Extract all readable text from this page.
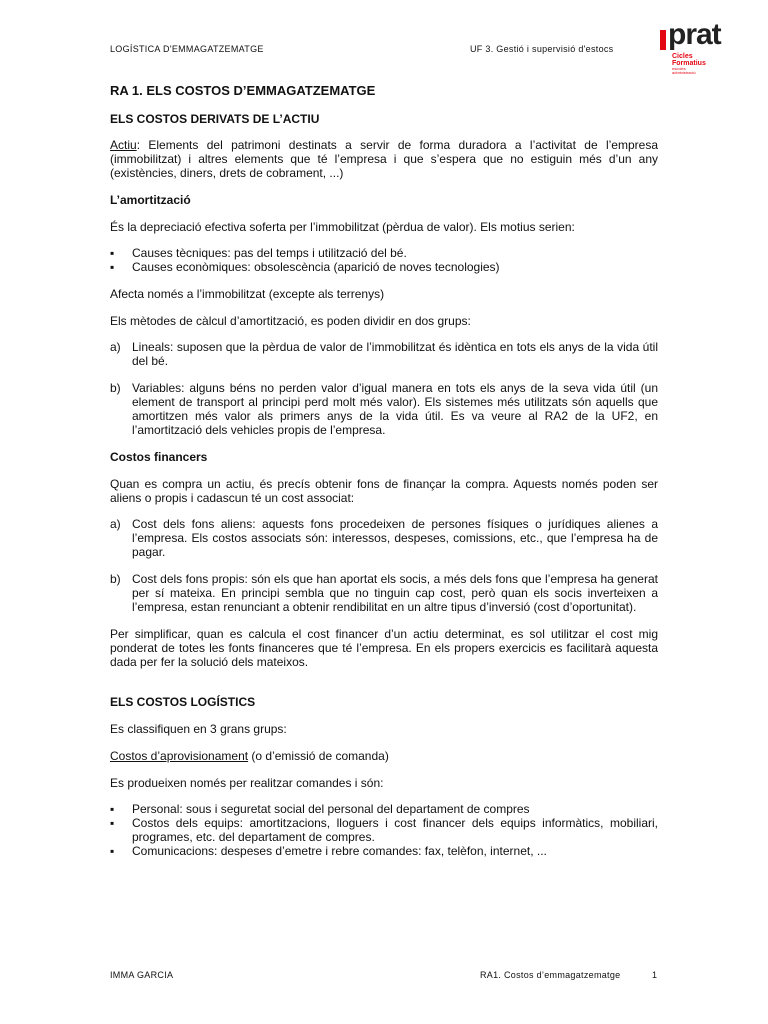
LOGÍSTICA D'EMMAGATZEMATGE	UF 3. Gestió i supervisió d'estocs prat
Cicles
Formatius
escoles
administració

RA 1. ELS COSTOS D’EMMAGATZEMATGE

ELS COSTOS DERIVATS DE L’ACTIU

Actiu: Elements del patrimoni destinats a servir de forma duradora a l’activitat de l’empresa (immobilitzat) i altres elements que té l’empresa i que s’espera que no estiguin més d’un any (existències, diners, drets de cobrament, ...)

L’amortització

És la depreciació efectiva soferta per l’immobilitzat (pèrdua de valor). Els motius serien:

▪ Causes tècniques: pas del temps i utilització del bé.
▪ Causes econòmiques: obsolescència (aparició de noves tecnologies)

Afecta només a l’immobilitzat (excepte als terrenys)

Els mètodes de càlcul d’amortització, es poden dividir en dos grups:

a) Lineals: suposen que la pèrdua de valor de l’immobilitzat és idèntica en tots els anys de la vida útil del bé.
b) Variables: alguns béns no perden valor d’igual manera en tots els anys de la seva vida útil (un element de transport al principi perd molt més valor). Els sistemes més utilitzats són aquells que amortitzen més valor als primers anys de la vida útil. Es va veure al RA2 de la UF2, en l’amortització dels vehicles propis de l’empresa.

Costos financers

Quan es compra un actiu, és precís obtenir fons de finançar la compra. Aquests només poden ser aliens o propis i cadascun té un cost associat:

a) Cost dels fons aliens: aquests fons procedeixen de persones físiques o jurídiques alienes a l’empresa. Els costos associats són: interessos, despeses, comissions, etc., que l’empresa ha de pagar.
b) Cost dels fons propis: són els que han aportat els socis, a més dels fons que l’empresa ha generat per sí mateixa. En principi sembla que no tinguin cap cost, però quan els socis inverteixen a l’empresa, estan renunciant a obtenir rendibilitat en un altre tipus d’inversió (cost d’oportunitat).

Per simplificar, quan es calcula el cost financer d’un actiu determinat, es sol utilitzar el cost mig ponderat de totes les fonts financeres que té l’empresa. En els propers exercicis es facilitarà aquesta dada per fer la solució dels mateixos.

ELS COSTOS LOGÍSTICS

Es classifiquen en 3 grans grups:

Costos d’aprovisionament (o d’emissió de comanda)

Es produeixen només per realitzar comandes i són:

▪ Personal: sous i seguretat social del personal del departament de compres
▪ Costos dels equips: amortitzacions, lloguers i cost financer dels equips informàtics, mobiliari, programes, etc. del departament de compres.
▪ Comunicacions: despeses d’emetre i rebre comandes: fax, telèfon, internet, ...
IMMA GARCIA	RA1. Costos d’emmagatzematge	1
